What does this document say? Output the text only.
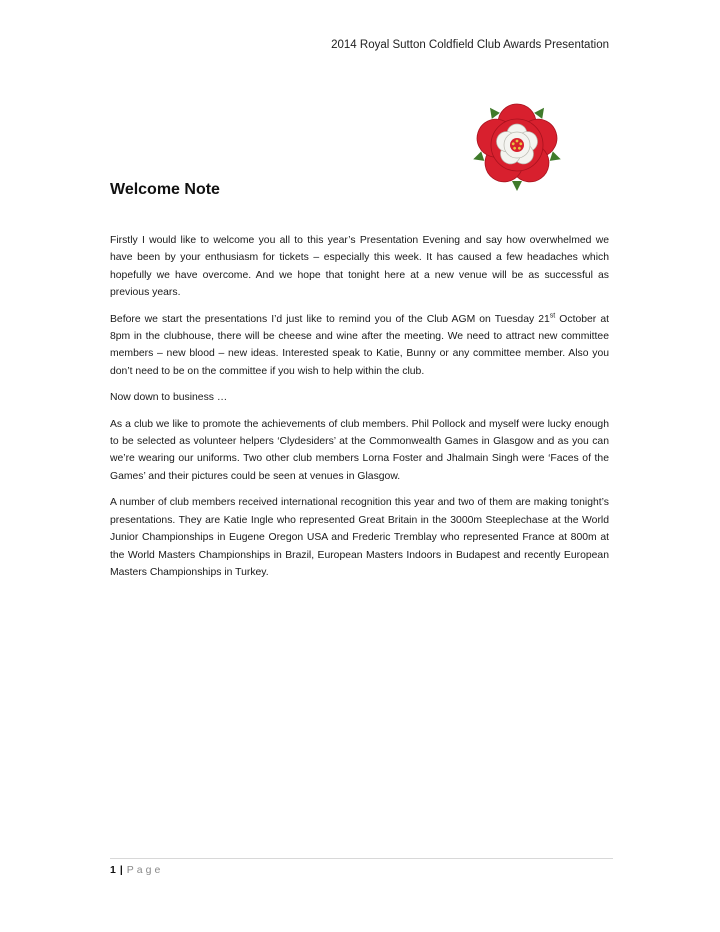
2014 Royal Sutton Coldfield Club Awards Presentation
Welcome Note

Firstly I would like to welcome you all to this year’s Presentation Evening and say how overwhelmed we have been by your enthusiasm for tickets – especially this week. It has caused a few headaches which hopefully we have overcome. And we hope that tonight here at a new venue will be as successful as previous years.

Before we start the presentations I’d just like to remind you of the Club AGM on Tuesday 21st October at 8pm in the clubhouse, there will be cheese and wine after the meeting. We need to attract new committee members – new blood – new ideas. Interested speak to Katie, Bunny or any committee member. Also you don’t need to be on the committee if you wish to help within the club.

Now down to business …

As a club we like to promote the achievements of club members. Phil Pollock and myself were lucky enough to be selected as volunteer helpers ‘Clydesiders’ at the Commonwealth Games in Glasgow and as you can we’re wearing our uniforms. Two other club members Lorna Foster and Jhalmain Singh were ‘Faces of the Games’ and their pictures could be seen at venues in Glasgow.

A number of club members received international recognition this year and two of them are making tonight’s presentations. They are Katie Ingle who represented Great Britain in the 3000m Steeplechase at the World Junior Championships in Eugene Oregon USA and Frederic Tremblay who represented France at 800m at the World Masters Championships in Brazil, European Masters Indoors in Budapest and recently European Masters Championships in Turkey.

1 | Page
